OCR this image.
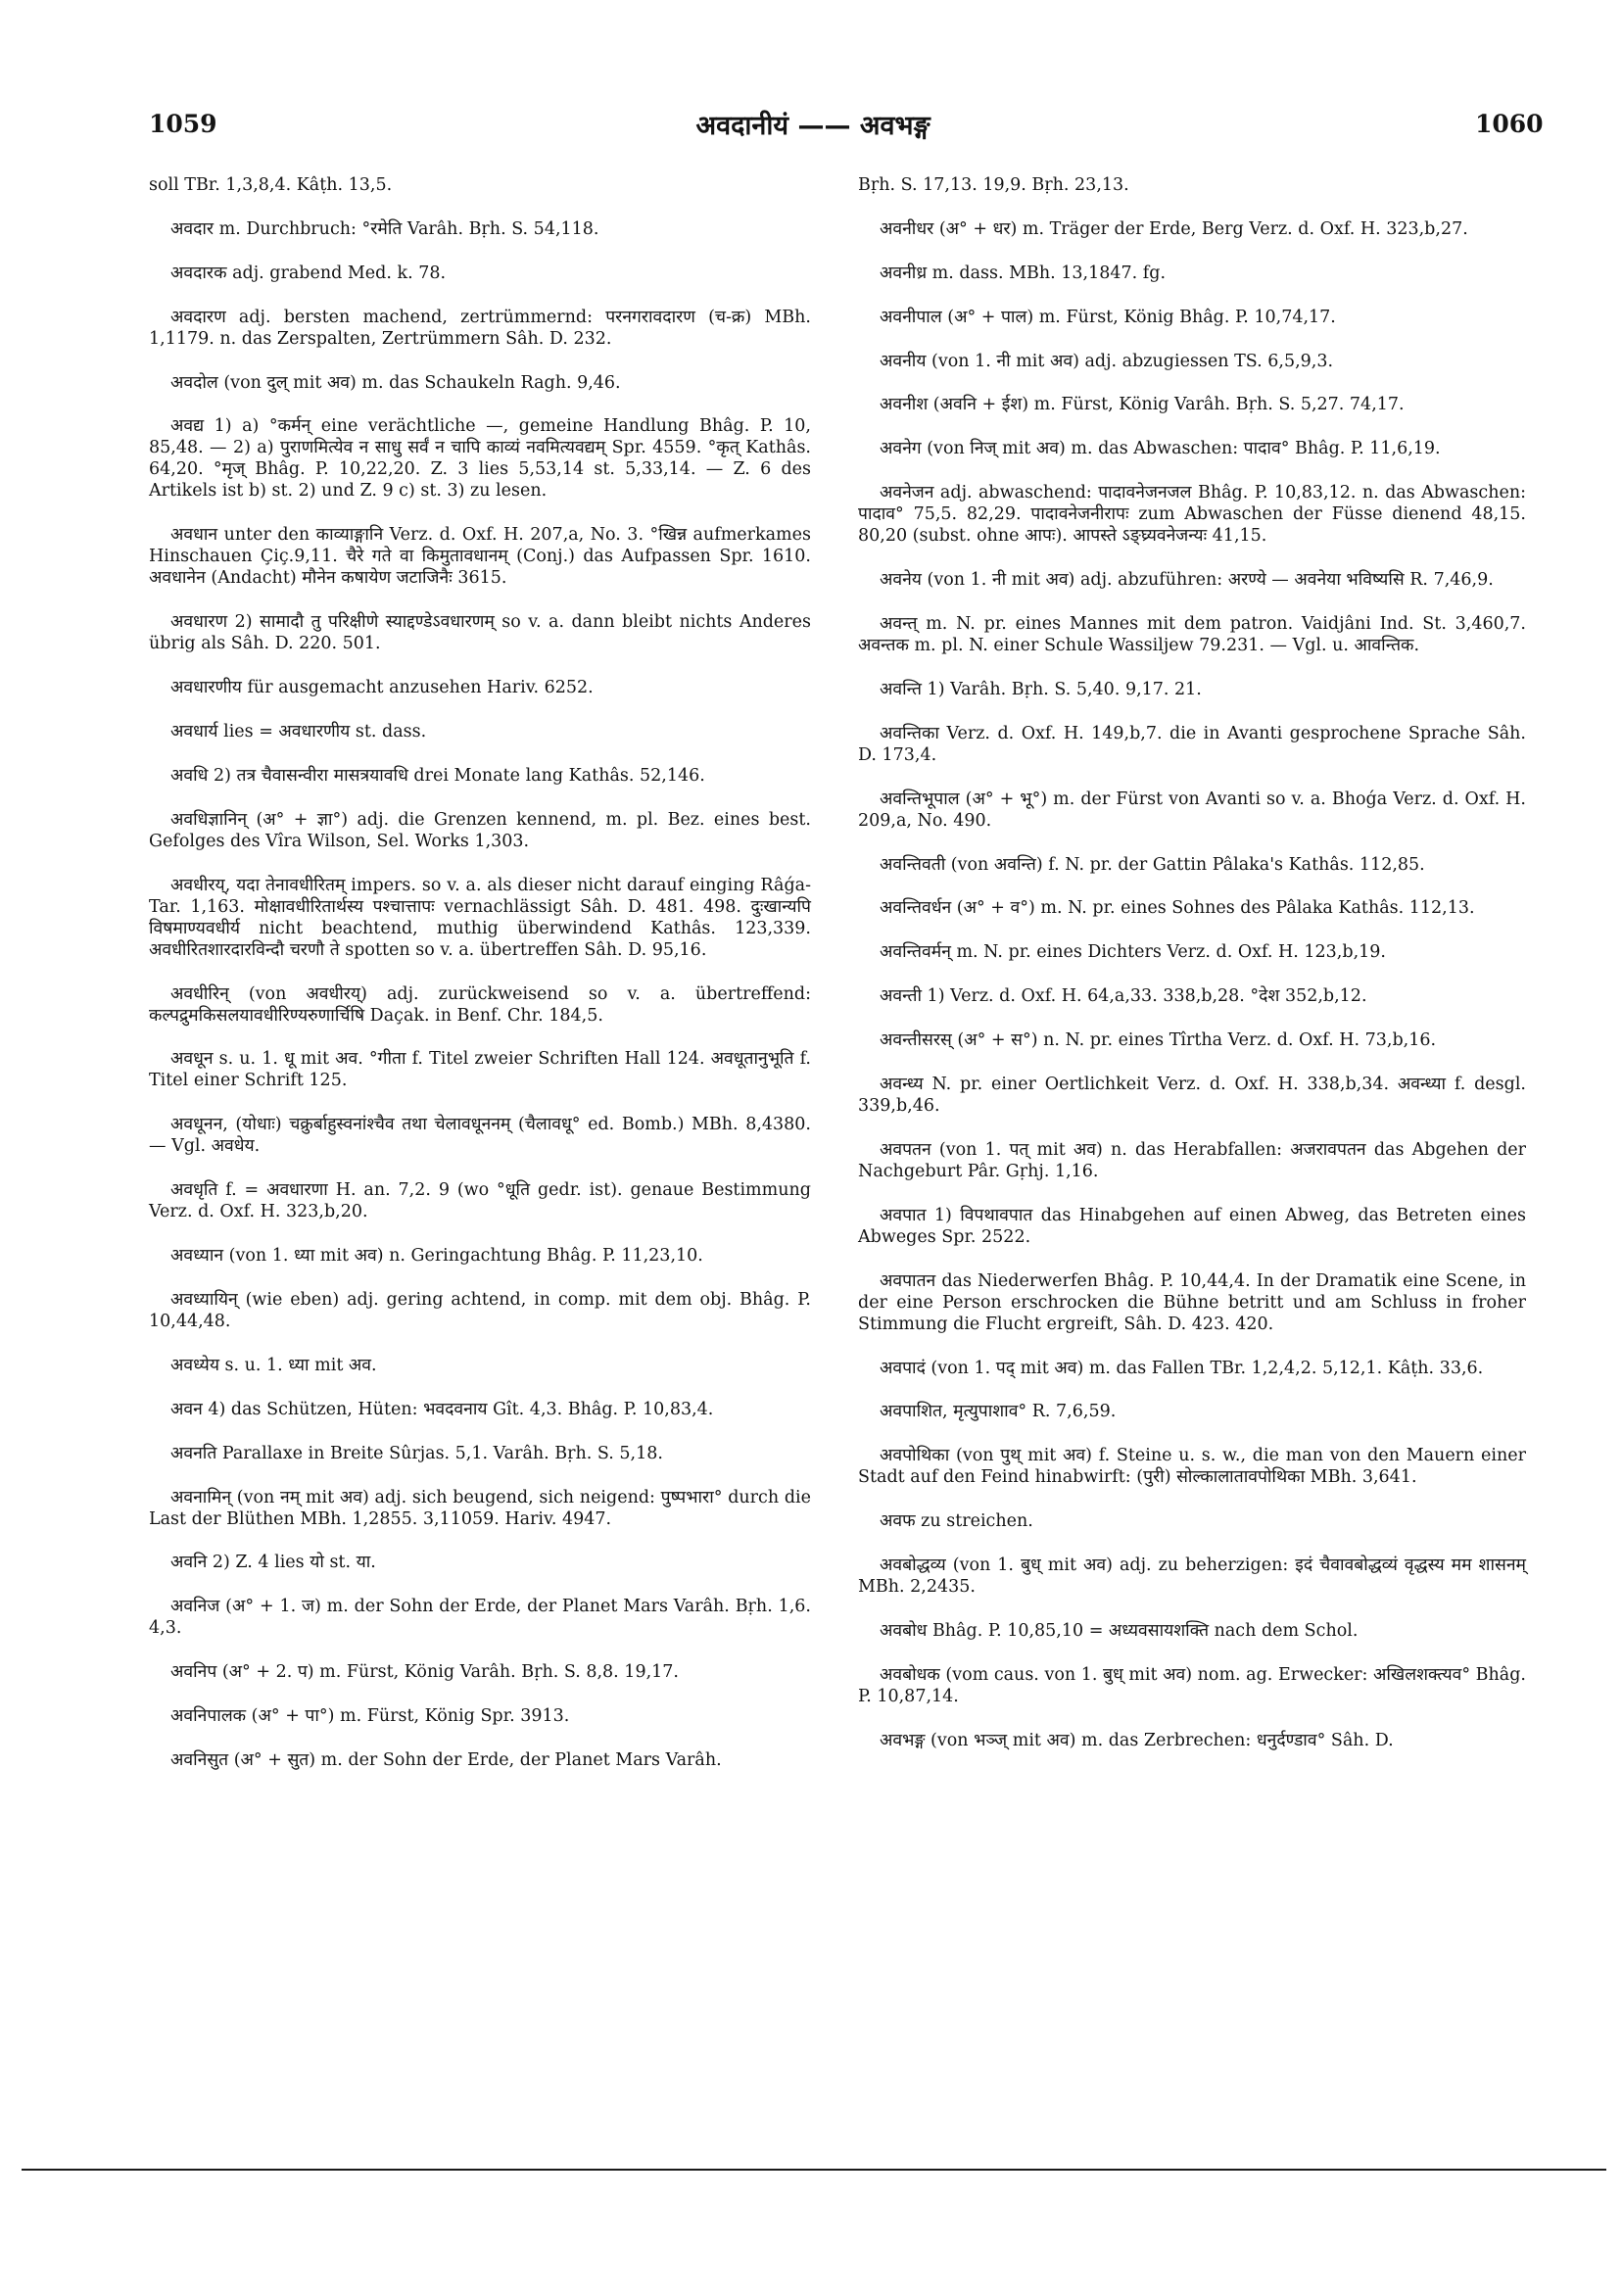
1059	अवदानीयं —— अवभङ्ग	1060

soll TBr. 1,3,8,4. Kâṭh. 13,5.

अवदार m. Durchbruch: °रमेति Varâh. Bṛh. S. 54,118.

अवदारक adj. grabend Med. k. 78.

अवदारण adj. bersten machend, zertrümmernd: परनगरावदारण (च-क्र) MBh. 1,1179. n. das Zerspalten, Zertrümmern Sâh. D. 232.

अवदोल (von दुल् mit अव) m. das Schaukeln Ragh. 9,46.

अवद्य 1) a) °कर्मन् eine verächtliche —, gemeine Handlung Bhâg. P. 10, 85,48. — 2) a) पुराणमित्येव न साधु सर्वं न चापि काव्यं नवमित्यवद्यम् Spr. 4559. °कृत् Kathâs. 64,20. °मृज् Bhâg. P. 10,22,20. Z. 3 lies 5,53,14 st. 5,33,14. — Z. 6 des Artikels ist b) st. 2) und Z. 9 c) st. 3) zu lesen.

अवधान unter den काव्याङ्गानि Verz. d. Oxf. H. 207,a, No. 3. °खिन्न aufmerkames Hinschauen Çiç.9,11. चैरे गते वा किमुतावधानम् (Conj.) das Aufpassen Spr. 1610. अवधानेन (Andacht) मौनेन कषायेण जटाजिनैः 3615.

अवधारण 2) सामादौ तु परिक्षीणे स्याद्दण्डेऽवधारणम् so v. a. dann bleibt nichts Anderes übrig als Sâh. D. 220. 501.

अवधारणीय für ausgemacht anzusehen Hariv. 6252.

अवधार्य lies = अवधारणीय st. dass.

अवधि 2) तत्र चैवासन्वीरा मासत्रयावधि drei Monate lang Kathâs. 52,146.

अवधिज्ञानिन् (अ° + ज्ञा°) adj. die Grenzen kennend, m. pl. Bez. eines best. Gefolges des Vîra Wilson, Sel. Works 1,303.

अवधीरय्, यदा तेनावधीरितम् impers. so v. a. als dieser nicht darauf einging Râǵa-Tar. 1,163. मोक्षावधीरितार्थस्य पश्चात्तापः vernachlässigt Sâh. D. 481. 498. दुःखान्यपि विषमाण्यवधीर्य nicht beachtend, muthig überwindend Kathâs. 123,339. अवधीरितशारदारविन्दौ चरणौ ते spotten so v. a. übertreffen Sâh. D. 95,16.

अवधीरिन् (von अवधीरय्) adj. zurückweisend so v. a. übertreffend: कल्पद्रुमकिसलयावधीरिण्यरुणार्चिषि Daçak. in Benf. Chr. 184,5.

अवधून s. u. 1. धू mit अव. °गीता f. Titel zweier Schriften Hall 124. अवधूतानुभूति f. Titel einer Schrift 125.

अवधूनन, (योधाः) चक्रुर्बाहुस्वनांश्चैव तथा चेलावधूननम् (चैलावधू° ed. Bomb.) MBh. 8,4380. — Vgl. अवधेय.

अवधृति f. = अवधारणा H. an. 7,2. 9 (wo °धूति gedr. ist). genaue Bestimmung Verz. d. Oxf. H. 323,b,20.

अवध्यान (von 1. ध्या mit अव) n. Geringachtung Bhâg. P. 11,23,10.

अवध्यायिन् (wie eben) adj. gering achtend, in comp. mit dem obj. Bhâg. P. 10,44,48.

अवध्येय s. u. 1. ध्या mit अव.

अवन 4) das Schützen, Hüten: भवदवनाय Gît. 4,3. Bhâg. P. 10,83,4.

अवनति Parallaxe in Breite Sûrjas. 5,1. Varâh. Bṛh. S. 5,18.

अवनामिन् (von नम् mit अव) adj. sich beugend, sich neigend: पुष्पभारा° durch die Last der Blüthen MBh. 1,2855. 3,11059. Hariv. 4947.

अवनि 2) Z. 4 lies यो st. या.

अवनिज (अ° + 1. ज) m. der Sohn der Erde, der Planet Mars Varâh. Bṛh. 1,6. 4,3.

अवनिप (अ° + 2. प) m. Fürst, König Varâh. Bṛh. S. 8,8. 19,17.

अवनिपालक (अ° + पा°) m. Fürst, König Spr. 3913.

अवनिसुत (अ° + सुत) m. der Sohn der Erde, der Planet Mars Varâh.

Bṛh. S. 17,13. 19,9. Bṛh. 23,13.

अवनीधर (अ° + धर) m. Träger der Erde, Berg Verz. d. Oxf. H. 323,b,27.

अवनीध्र m. dass. MBh. 13,1847. fg.

अवनीपाल (अ° + पाल) m. Fürst, König Bhâg. P. 10,74,17.

अवनीय (von 1. नी mit अव) adj. abzugiessen TS. 6,5,9,3.

अवनीश (अवनि + ईश) m. Fürst, König Varâh. Bṛh. S. 5,27. 74,17.

अवनेग (von निज् mit अव) m. das Abwaschen: पादाव° Bhâg. P. 11,6,19.

अवनेजन adj. abwaschend: पादावनेजनजल Bhâg. P. 10,83,12. n. das Abwaschen: पादाव° 75,5. 82,29. पादावनेजनीरापः zum Abwaschen der Füsse dienend 48,15. 80,20 (subst. ohne आपः). आपस्ते ऽङ्घ्र्यवनेजन्यः 41,15.

अवनेय (von 1. नी mit अव) adj. abzuführen: अरण्ये — अवनेया भविष्यसि R. 7,46,9.

अवन्त् m. N. pr. eines Mannes mit dem patron. Vaidjâni Ind. St. 3,460,7. अवन्तक m. pl. N. einer Schule Wassiljew 79.231. — Vgl. u. आवन्तिक.

अवन्ति 1) Varâh. Bṛh. S. 5,40. 9,17. 21.

अवन्तिका Verz. d. Oxf. H. 149,b,7. die in Avanti gesprochene Sprache Sâh. D. 173,4.

अवन्तिभूपाल (अ° + भू°) m. der Fürst von Avanti so v. a. Bhoǵa Verz. d. Oxf. H. 209,a, No. 490.

अवन्तिवती (von अवन्ति) f. N. pr. der Gattin Pâlaka's Kathâs. 112,85.

अवन्तिवर्धन (अ° + व°) m. N. pr. eines Sohnes des Pâlaka Kathâs. 112,13.

अवन्तिवर्मन् m. N. pr. eines Dichters Verz. d. Oxf. H. 123,b,19.

अवन्ती 1) Verz. d. Oxf. H. 64,a,33. 338,b,28. °देश 352,b,12.

अवन्तीसरस् (अ° + स°) n. N. pr. eines Tîrtha Verz. d. Oxf. H. 73,b,16.

अवन्ध्य N. pr. einer Oertlichkeit Verz. d. Oxf. H. 338,b,34. अवन्ध्या f. desgl. 339,b,46.

अवपतन (von 1. पत् mit अव) n. das Herabfallen: अजरावपतन das Abgehen der Nachgeburt Pâr. Gṛhj. 1,16.

अवपात 1) विपथावपात das Hinabgehen auf einen Abweg, das Betreten eines Abweges Spr. 2522.

अवपातन das Niederwerfen Bhâg. P. 10,44,4. In der Dramatik eine Scene, in der eine Person erschrocken die Bühne betritt und am Schluss in froher Stimmung die Flucht ergreift, Sâh. D. 423. 420.

अवपादं (von 1. पद् mit अव) m. das Fallen TBr. 1,2,4,2. 5,12,1. Kâṭh. 33,6.

अवपाशित, मृत्युपाशाव° R. 7,6,59.

अवपोथिका (von पुथ् mit अव) f. Steine u. s. w., die man von den Mauern einer Stadt auf den Feind hinabwirft: (पुरी) सोल्कालातावपोथिका MBh. 3,641.

अवफ zu streichen.

अवबोद्धव्य (von 1. बुध् mit अव) adj. zu beherzigen: इदं चैवावबोद्धव्यं वृद्धस्य मम शासनम् MBh. 2,2435.

अवबोध Bhâg. P. 10,85,10 = अध्यवसायशक्ति nach dem Schol.

अवबोधक (vom caus. von 1. बुध् mit अव) nom. ag. Erwecker: अखिलशक्त्यव° Bhâg. P. 10,87,14.

अवभङ्ग (von भञ्ज् mit अव) m. das Zerbrechen: धनुर्दण्डाव° Sâh. D.
